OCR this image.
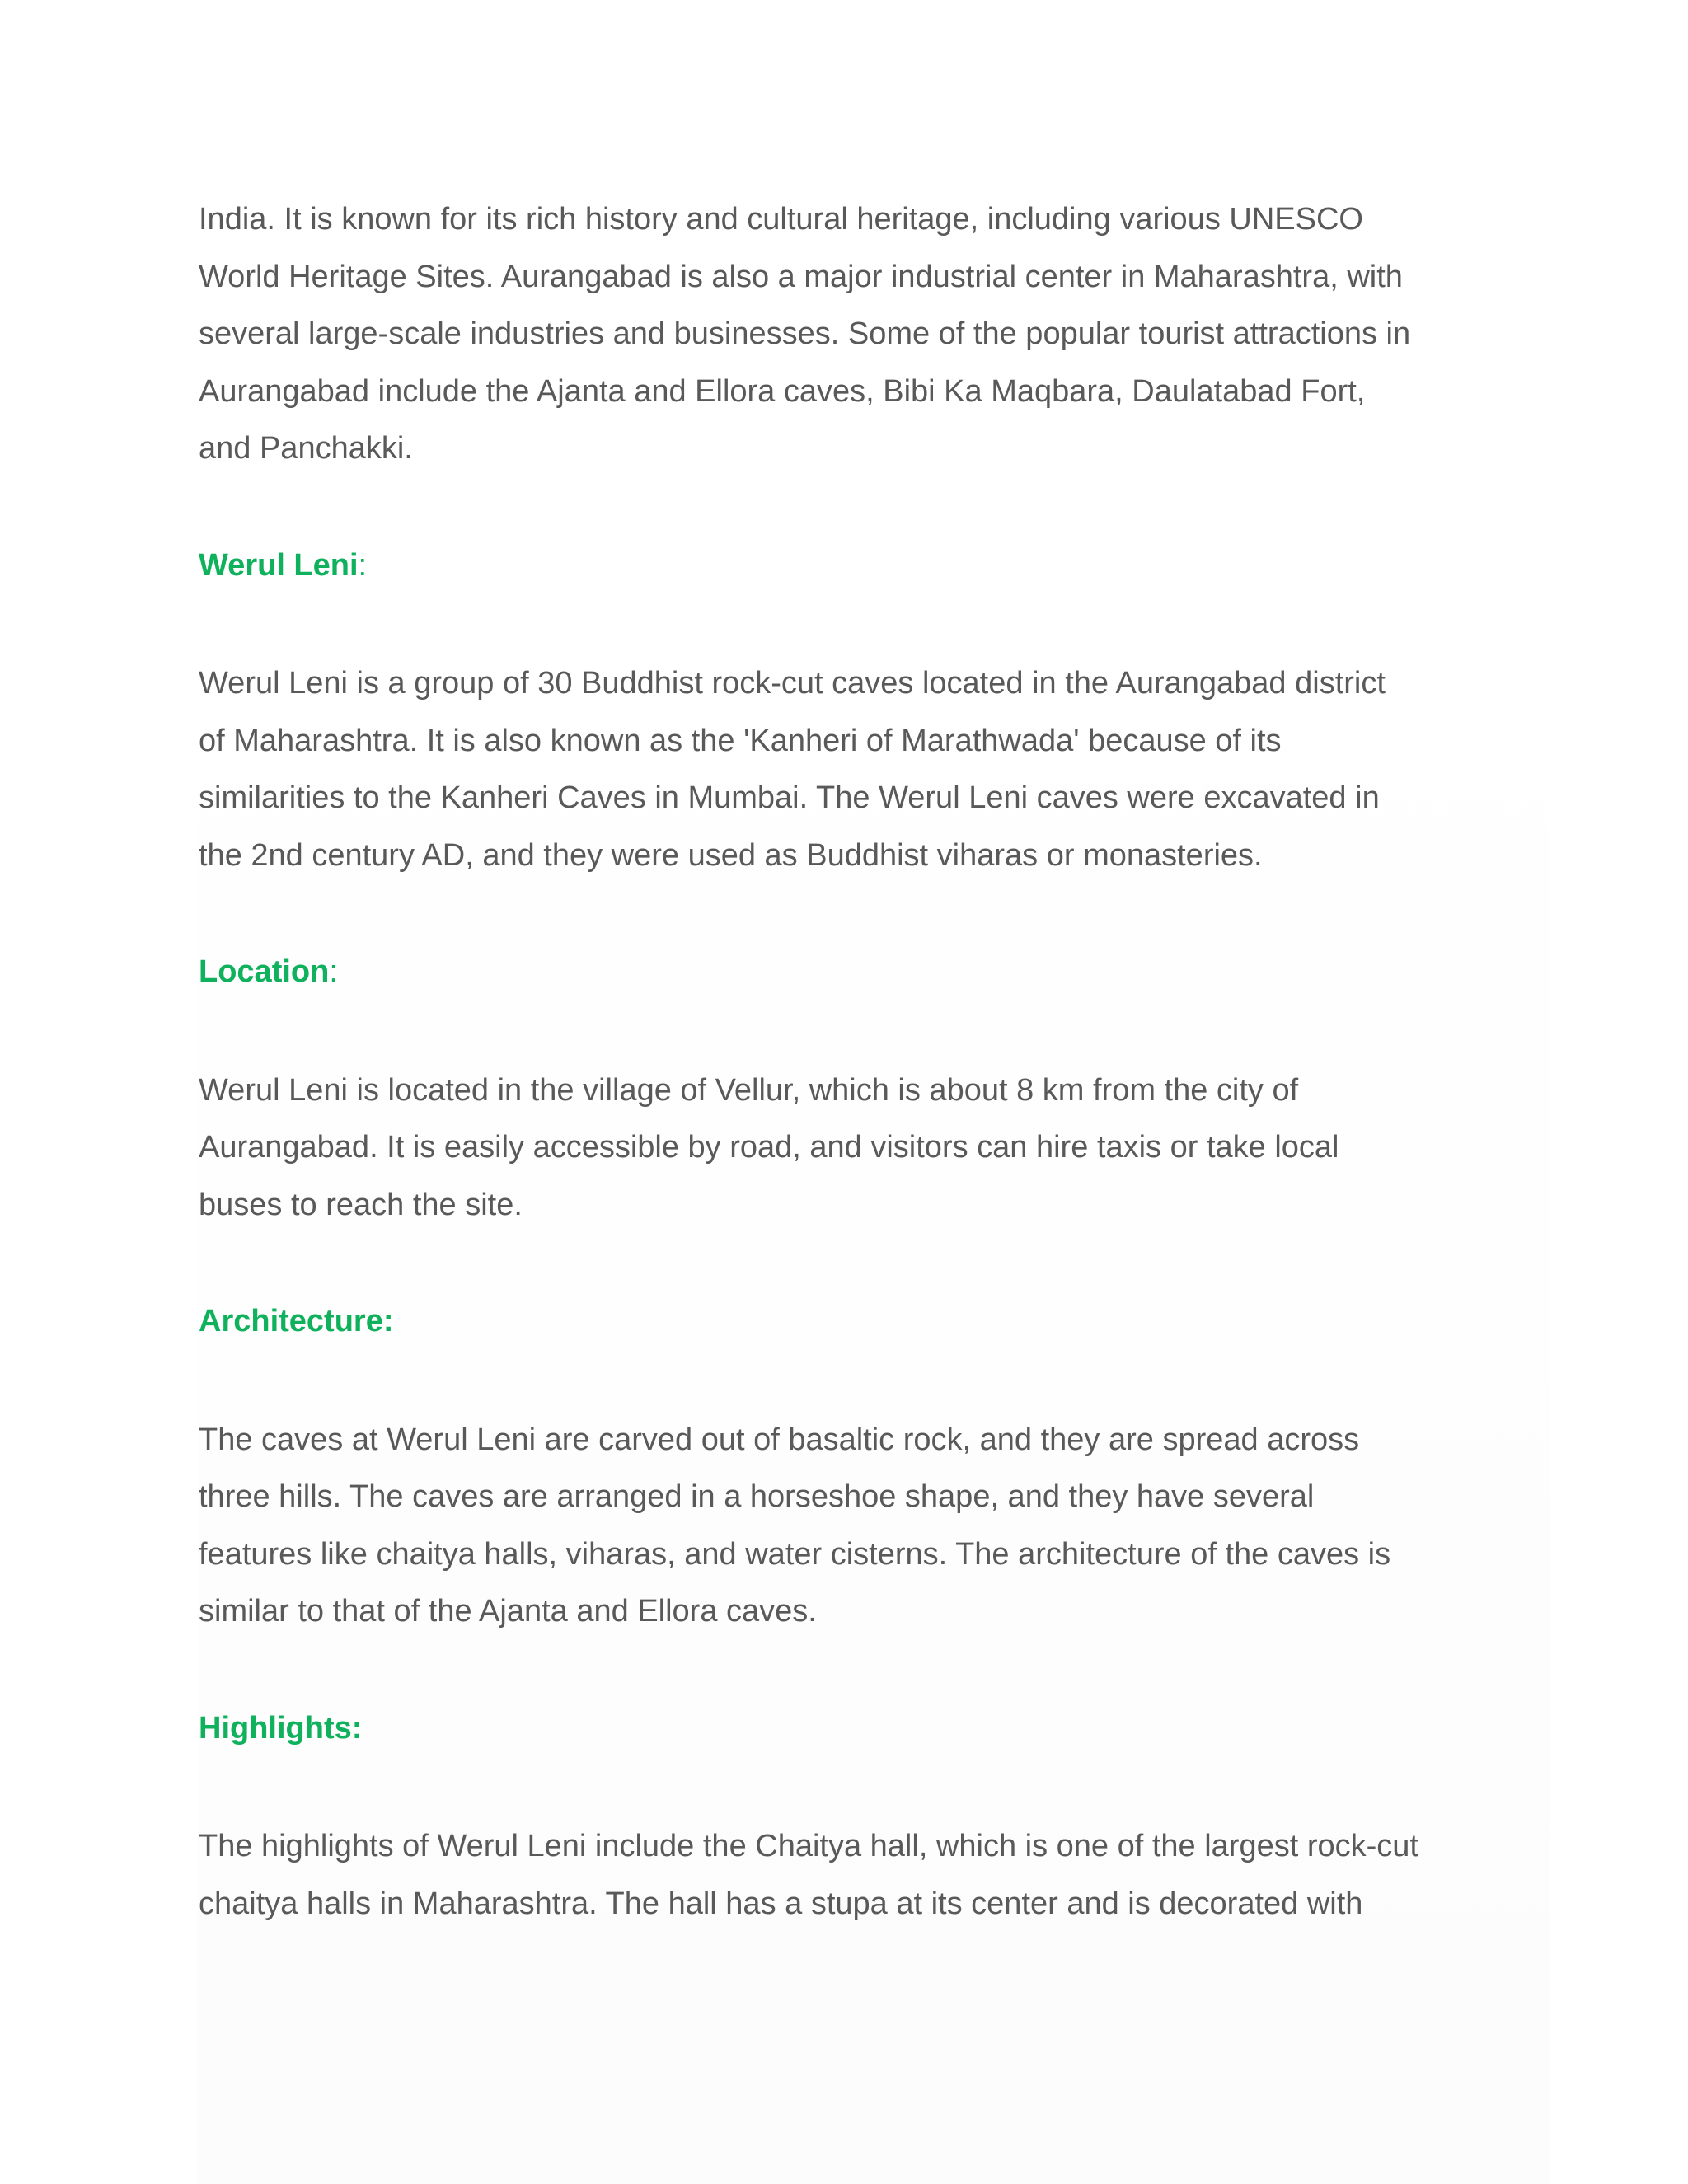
India. It is known for its rich history and cultural heritage, including various UNESCO
World Heritage Sites. Aurangabad is also a major industrial center in Maharashtra, with
several large-scale industries and businesses. Some of the popular tourist attractions in
Aurangabad include the Ajanta and Ellora caves, Bibi Ka Maqbara, Daulatabad Fort,
and Panchakki.

Werul Leni:

Werul Leni is a group of 30 Buddhist rock-cut caves located in the Aurangabad district
of Maharashtra. It is also known as the 'Kanheri of Marathwada' because of its
similarities to the Kanheri Caves in Mumbai. The Werul Leni caves were excavated in
the 2nd century AD, and they were used as Buddhist viharas or monasteries.

Location:

Werul Leni is located in the village of Vellur, which is about 8 km from the city of
Aurangabad. It is easily accessible by road, and visitors can hire taxis or take local
buses to reach the site.

Architecture:

The caves at Werul Leni are carved out of basaltic rock, and they are spread across
three hills. The caves are arranged in a horseshoe shape, and they have several
features like chaitya halls, viharas, and water cisterns. The architecture of the caves is
similar to that of the Ajanta and Ellora caves.

Highlights:

The highlights of Werul Leni include the Chaitya hall, which is one of the largest rock-cut
chaitya halls in Maharashtra. The hall has a stupa at its center and is decorated with
